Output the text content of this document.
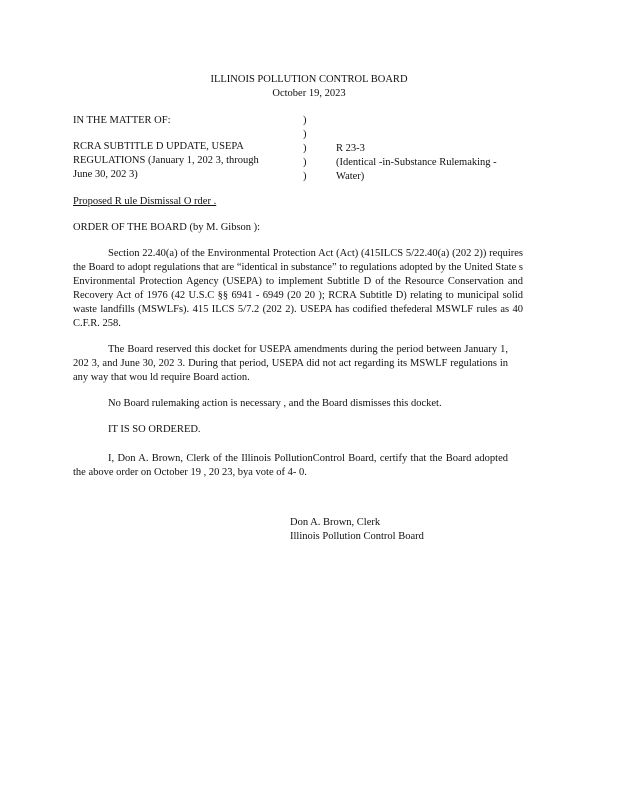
ILLINOIS POLLUTION CONTROL BOARD
October 19, 2023
IN THE MATTER OF:
RCRA SUBTITLE D UPDATE, USEPA
REGULATIONS (January 1, 202 3, through
June 30, 202 3)
)
)
)
)
)
R 23-3
(Identical -in-Substance Rulemaking -
Water)
Proposed R ule Dismissal O rder .
ORDER OF THE BOARD (by M. Gibson ):
Section 22.40(a) of the Environmental Protection Act (Act) (415ILCS 5/22.40(a) (202 2)) requires the Board to adopt regulations that are “identical in substance” to regulations adopted by the United State s Environmental Protection Agency (USEPA) to implement Subtitle D of the Resource Conservation and Recovery Act of 1976 (42 U.S.C §§ 6941 - 6949 (20 20 ); RCRA Subtitle D) relating to municipal solid waste landfills (MSWLFs). 415 ILCS 5/7.2 (202 2). USEPA has codified thefederal MSWLF rules as 40 C.F.R. 258.
The Board reserved this docket for USEPA amendments during the period between January 1, 202 3, and June 30, 202 3. During that period, USEPA did not act regarding its MSWLF regulations in any way that wou ld require Board action.
No Board rulemaking action is necessary , and the Board dismisses this docket.
IT IS SO ORDERED.
I, Don A. Brown, Clerk of the Illinois PollutionControl Board, certify that the Board adopted the above order on October 19 , 20 23, bya vote of 4- 0.
Don A. Brown, Clerk
Illinois Pollution Control Board
